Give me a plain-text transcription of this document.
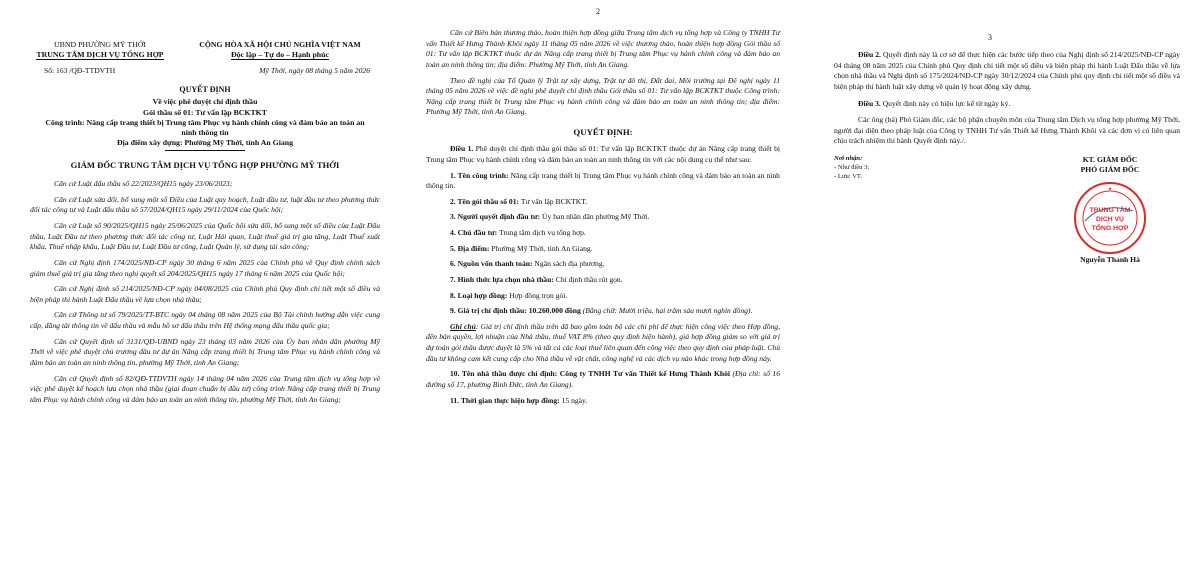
UBND PHƯỜNG MỸ THỚI
TRUNG TÂM DỊCH VỤ TỔNG HỢP
CỘNG HÒA XÃ HỘI CHỦ NGHĨA VIỆT NAM
Độc lập – Tự do – Hạnh phúc
Số: 163 /QĐ-TTDVTH	Mỹ Thới, ngày 08 tháng 5 năm 2026
QUYẾT ĐỊNH
Về việc phê duyệt chỉ định thầu
Gói thầu số 01: Tư vấn lập BCKTKT
Công trình: Nâng cấp trang thiết bị Trung tâm Phục vụ hành chính công và đảm bảo an toàn an ninh thông tin
Địa điểm xây dựng: Phường Mỹ Thới, tỉnh An Giang
GIÁM ĐỐC TRUNG TÂM DỊCH VỤ TỔNG HỢP PHƯỜNG MỸ THỚI

Căn cứ Luật đấu thầu số 22/2023/QH15 ngày 23/06/2023;

Căn cứ Luật sửa đổi, bổ sung một số Điều của Luật quy hoạch, Luật đầu tư, luật đầu tư theo phương thức đối tác công tư và Luật đấu thầu số 57/2024/QH15 ngày 29/11/2024 của Quốc hội;

Căn cứ Luật số 90/2025/QH15 ngày 25/06/2025 của Quốc hội sửa đổi, bổ sung một số điều của Luật Đấu thầu, Luật Đầu tư theo phương thức đối tác công tư, Luật Hải quan, Luật thuế giá trị gia tăng, Luật Thuế xuất khẩu, Thuế nhập khẩu, Luật Đầu tư, Luật Đầu tư công, Luật Quản lý, sử dụng tài sản công;

Căn cứ Nghị định 174/2025/NĐ-CP ngày 30 tháng 6 năm 2025 của Chính phủ về Quy định chính sách giảm thuế giá trị gia tăng theo nghị quyết số 204/2025/QH15 ngày 17 tháng 6 năm 2025 của Quốc hội;

Căn cứ Nghị định số 214/2025/NĐ-CP ngày 04/08/2025 của Chính phủ Quy định chi tiết một số điều và biện pháp thi hành Luật Đấu thầu về lựa chọn nhà thầu;

Căn cứ Thông tư số 79/2025/TT-BTC ngày 04 tháng 08 năm 2025 của Bộ Tài chính hướng dẫn việc cung cấp, đăng tải thông tin về đấu thầu và mẫu hồ sơ đấu thầu trên Hệ thống mạng đấu thầu quốc gia;

Căn cứ Quyết định số 3131/QĐ-UBND ngày 23 tháng 03 năm 2026 của Ủy ban nhân dân phường Mỹ Thới về việc phê duyệt chủ trương đầu tư dự án Nâng cấp trang thiết bị Trung tâm Phục vụ hành chính công và đảm bảo an toàn an ninh thông tin, phường Mỹ Thới, tỉnh An Giang;

Căn cứ Quyết định số 82/QĐ-TTDVTH ngày 14 tháng 04 năm 2026 của Trung tâm dịch vụ tổng hợp về việc phê duyệt kế hoạch lựa chọn nhà thầu (giai đoạn chuẩn bị đầu tư) công trình Nâng cấp trang thiết bị Trung tâm Phục vụ hành chính công và đảm bảo an toàn an ninh thông tin, phường Mỹ Thới, tỉnh An Giang;

2

Căn cứ Biên bản thương thảo, hoàn thiện hợp đồng giữa Trung tâm dịch vụ tổng hợp và Công ty TNHH Tư vấn Thiết kế Hưng Thành Khôi ngày 11 tháng 05 năm 2026 về việc thương thảo, hoàn thiện hợp đồng Gói thầu số 01: Tư vấn lập BCKTKT thuộc dự án Nâng cấp trang thiết bị Trung tâm Phục vụ hành chính công và đảm bảo an toàn an ninh thông tin; địa điểm: Phường Mỹ Thới, tỉnh An Giang.

Theo đề nghị của Tổ Quản lý Trật tự xây dựng, Trật tự đô thị, Đất đai, Môi trường tại Đề nghị ngày 11 tháng 05 năm 2026 về việc đề nghị phê duyệt chỉ định thầu Gói thầu số 01: Tư vấn lập BCKTKT thuộc Công trình: Nâng cấp trang thiết bị Trung tâm Phục vụ hành chính công và đảm bảo an toàn an ninh thông tin; địa điểm: Phường Mỹ Thới, tỉnh An Giang.

QUYẾT ĐỊNH:

Điều 1. Phê duyệt chỉ định thầu gói thầu số 01: Tư vấn lập BCKTKT thuộc dự án Nâng cấp trang thiết bị Trung tâm Phục vụ hành chính công và đảm bảo an toàn an ninh thông tin với các nội dung cụ thể như sau:

1. Tên công trình: Nâng cấp trang thiết bị Trung tâm Phục vụ hành chính công và đảm bảo an toàn an ninh thông tin.

2. Tên gói thầu số 01: Tư vấn lập BCKTKT.

3. Người quyết định đầu tư: Ủy ban nhân dân phường Mỹ Thới.

4. Chủ đầu tư: Trung tâm dịch vụ tổng hợp.

5. Địa điểm: Phường Mỹ Thới, tỉnh An Giang.

6. Nguồn vốn thanh toán: Ngân sách địa phương.

7. Hình thức lựa chọn nhà thầu: Chỉ định thầu rút gọn.

8. Loại hợp đồng: Hợp đồng trọn gói.

9. Giá trị chỉ định thầu: 10.260.000 đồng (Bằng chữ: Mười triệu, hai trăm sáu mươi nghìn đồng).

Ghi chú: Giá trị chỉ định thầu trên đã bao gồm toàn bộ các chi phí để thực hiện công việc theo Hợp đồng, đền bàn quyền, lợi nhuận của Nhà thầu, thuế VAT 8% (theo quy định hiện hành), giá hợp đồng giảm so với giá trị dự toán gói thầu được duyệt là 5% và tất cả các loại thuế liên quan đến công việc theo quy định của pháp luật. Chủ đầu tư không cam kết cung cấp cho Nhà thầu về vật chất, công nghệ và các dịch vụ nào khác trong hợp đồng này.

10. Tên nhà thầu được chỉ định: Công ty TNHH Tư vấn Thiết kế Hưng Thành Khôi (Địa chỉ: số 16 đường số 17, phường Bình Đức, tỉnh An Giang).

11. Thời gian thực hiện hợp đồng: 15 ngày.

3

Điều 2. Quyết định này là cơ sở để thực hiện các bước tiếp theo của Nghị định số 214/2025/NĐ-CP ngày 04 tháng 08 năm 2025 của Chính phủ Quy định chi tiết một số điều và biện pháp thi hành Luật Đấu thầu về lựa chọn nhà thầu và Nghị định số 175/2024/NĐ-CP ngày 30/12/2024 của Chính phủ quy định chi tiết một số điều và biện pháp thi hành luật xây dựng về quản lý hoạt động xây dựng.

Điều 3. Quyết định này có hiệu lực kể từ ngày ký.

Các ông (bà) Phó Giám đốc, các bộ phận chuyên môn của Trung tâm Dịch vụ tổng hợp phường Mỹ Thới, người đại diện theo pháp luật của Công ty TNHH Tư vấn Thiết kế Hưng Thành Khôi và các đơn vị có liên quan chịu trách nhiệm thi hành Quyết định này./.

Nơi nhận:
- Như điều 3;
- Lưu: VT.
KT. GIÁM ĐỐC
PHÓ GIÁM ĐỐC
TRUNG TÂM
DỊCH VỤ
TỔNG HỢP
★
Nguyễn Thanh Hà
